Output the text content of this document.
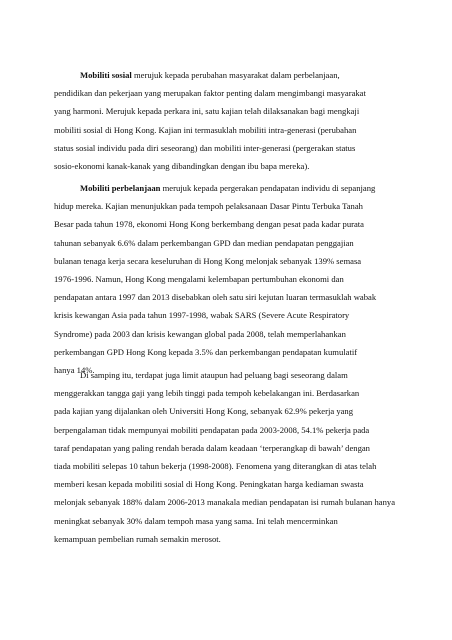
Mobiliti sosial merujuk kepada perubahan masyarakat dalam perbelanjaan,
pendidikan dan pekerjaan yang merupakan faktor penting dalam mengimbangi masyarakat
yang harmoni. Merujuk kepada perkara ini, satu kajian telah dilaksanakan bagi mengkaji
mobiliti sosial di Hong Kong. Kajian ini termasuklah mobiliti intra-generasi (perubahan
status sosial individu pada diri seseorang) dan mobiliti inter-generasi (pergerakan status
sosio-ekonomi kanak-kanak yang dibandingkan dengan ibu bapa mereka).
Mobiliti perbelanjaan merujuk kepada pergerakan pendapatan individu di sepanjang
hidup mereka. Kajian menunjukkan pada tempoh pelaksanaan Dasar Pintu Terbuka Tanah
Besar pada tahun 1978, ekonomi Hong Kong berkembang dengan pesat pada kadar purata
tahunan sebanyak 6.6% dalam perkembangan GPD dan median pendapatan penggajian
bulanan tenaga kerja secara keseluruhan di Hong Kong melonjak sebanyak 139% semasa
1976-1996. Namun, Hong Kong mengalami kelembapan pertumbuhan ekonomi dan
pendapatan antara 1997 dan 2013 disebabkan oleh satu siri kejutan luaran termasuklah wabak
krisis kewangan Asia pada tahun 1997-1998, wabak SARS (Severe Acute Respiratory
Syndrome) pada 2003 dan krisis kewangan global pada 2008, telah memperlahankan
perkembangan GPD Hong Kong kepada 3.5% dan perkembangan pendapatan kumulatif
hanya 14%.
Di samping itu, terdapat juga limit ataupun had peluang bagi seseorang dalam
menggerakkan tangga gaji yang lebih tinggi pada tempoh kebelakangan ini. Berdasarkan
pada kajian yang dijalankan oleh Universiti Hong Kong, sebanyak 62.9% pekerja yang
berpengalaman tidak mempunyai mobiliti pendapatan pada 2003-2008, 54.1% pekerja pada
taraf pendapatan yang paling rendah berada dalam keadaan ‘terperangkap di bawah’ dengan
tiada mobiliti selepas 10 tahun bekerja (1998-2008). Fenomena yang diterangkan di atas telah
memberi kesan kepada mobiliti sosial di Hong Kong. Peningkatan harga kediaman swasta
melonjak sebanyak 188% dalam 2006-2013 manakala median pendapatan isi rumah bulanan hanya
meningkat sebanyak 30% dalam tempoh masa yang sama. Ini telah mencerminkan
kemampuan pembelian rumah semakin merosot.
